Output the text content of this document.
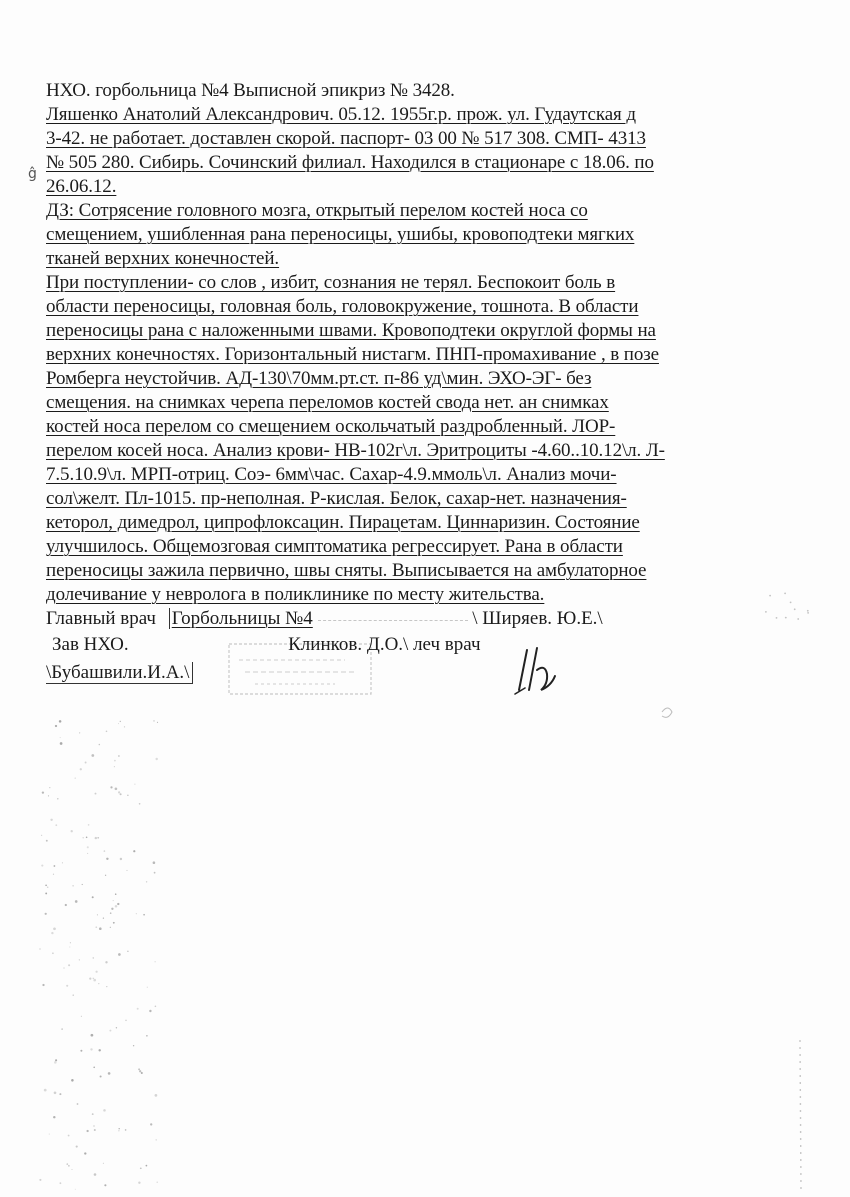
ĝ
НХО. горбольница №4 Выписной эпикриз № 3428.
Ляшенко Анатолий Александрович. 05.12. 1955г.р. прож. ул. Гудаутская д
3-42. не работает. доставлен скорой. паспорт- 03 00 № 517 308. СМП- 4313
№ 505 280. Сибирь. Сочинский филиал. Находился в стационаре с 18.06. по
26.06.12.
ДЗ: Сотрясение головного мозга, открытый перелом костей носа со
смещением, ушибленная рана переносицы, ушибы, кровоподтеки мягких
тканей верхних конечностей.
При поступлении- со слов , избит, сознания не терял. Беспокоит боль в
области переносицы, головная боль, головокружение, тошнота. В области
переносицы рана с наложенными швами. Кровоподтеки округлой формы на
верхних конечностях. Горизонтальный нистагм. ПНП-промахивание , в позе
Ромберга неустойчив. АД-130\70мм.рт.ст. п-86 уд\мин. ЭХО-ЭГ- без
смещения. на снимках черепа переломов костей свода нет. ан снимках
костей носа перелом со смещением оскольчатый раздробленный. ЛОР-
перелом косей носа. Анализ крови- НВ-102г\л. Эритроциты -4.60..10.12\л. Л-
7.5.10.9\л. МРП-отриц. Соэ- 6мм\час. Сахар-4.9.ммоль\л. Анализ мочи-
сол\желт. Пл-1015. пр-неполная. Р-кислая. Белок, сахар-нет. назначения-
кеторол, димедрол, ципрофлоксацин. Пирацетам. Циннаризин. Состояние
улучшилось. Общемозговая симптоматика регрессирует. Рана в области
переносицы зажила первично, швы сняты. Выписывается на амбулаторное
долечивание у невролога в поликлинике по месту жительства.
Главный врач Горбольницы №4	\ Ширяев. Ю.Е.\
Зав НХО.	Клинков. Д.О.\ леч врач
\Бубашвили.И.А.\
